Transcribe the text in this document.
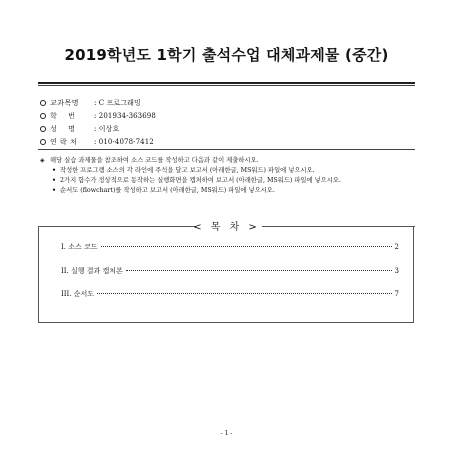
2019학년도 1학기 출석수업 대체과제물 (중간)
교과목명	: C 프로그래밍
학    번	: 201934-363698
성    명	: 이상호
연 락 처	: 010-4078-7412
◈ 해당 실습 과제물을 참조하여 소스 코드를 작성하고 다음과 같이 제출하시오.
• 작성한 프로그램 소스의 각 라인에 주석을 달고 보고서 (아래한글, MS워드) 파일에 넣으시오.
• 2가지 함수가 정상적으로 동작하는 실행화면을 캡처하여 보고서 (아래한글, MS워드) 파일에 넣으시오.
• 순서도 (flowchart)를 작성하고 보고서 (아래한글, MS워드) 파일에 넣으시오.
< 목 차 >
I. 소스 코드	2
II. 실행 결과 캡처본	3
III. 순서도	7
- 1 -
